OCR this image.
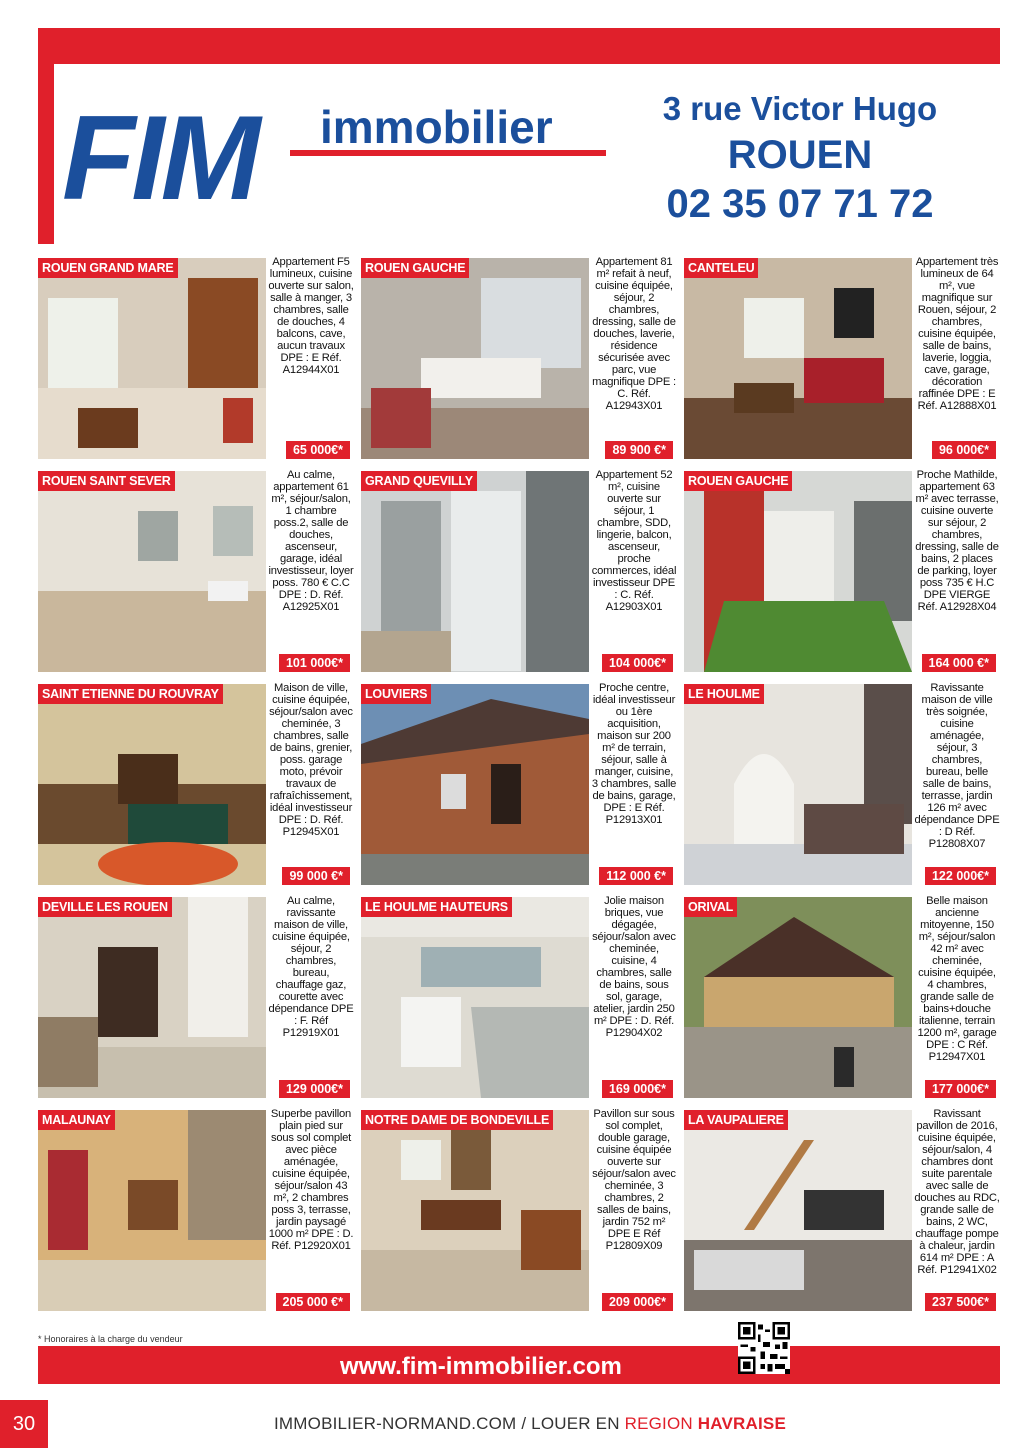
FIM immobilier	3 rue Victor Hugo
ROUEN
02 35 07 71 72
ROUEN GRAND MARE	Appartement F5 lumineux, cuisine ouverte sur salon, salle à manger, 3 chambres, salle de douches, 4 balcons, cave, aucun travaux DPE : E Réf. A12944X01
65 000€*
ROUEN GAUCHE	Appartement 81 m² refait à neuf, cuisine équipée, séjour, 2 chambres, dressing, salle de douches, laverie, résidence sécurisée avec parc, vue magnifique DPE : C. Réf. A12943X01
89 900 €*
CANTELEU	Appartement très lumineux de 64 m², vue magnifique sur Rouen, séjour, 2 chambres, cuisine équipée, salle de bains, laverie, loggia, cave, garage, décoration raffinée DPE : E Réf. A12888X01
96 000€*
ROUEN SAINT SEVER	Au calme, appartement 61 m², séjour/salon, 1 chambre poss.2, salle de douches, ascenseur, garage, idéal investisseur, loyer poss. 780 € C.C DPE : D. Réf. A12925X01
101 000€*
GRAND QUEVILLY	Appartement 52 m², cuisine ouverte sur séjour, 1 chambre, SDD, lingerie, balcon, ascenseur, proche commerces, idéal investisseur DPE : C. Réf. A12903X01
104 000€*
ROUEN GAUCHE	Proche Mathilde, appartement 63 m² avec terrasse, cuisine ouverte sur séjour, 2 chambres, dressing, salle de bains, 2 places de parking, loyer poss 735 € H.C DPE VIERGE Réf. A12928X04
164 000 €*
SAINT ETIENNE DU ROUVRAY	Maison de ville, cuisine équipée, séjour/salon avec cheminée, 3 chambres, salle de bains, grenier, poss. garage moto, prévoir travaux de rafraîchissement, idéal investisseur DPE : D. Réf. P12945X01
99 000 €*
LOUVIERS	Proche centre, idéal investisseur ou 1ère acquisition, maison sur 200 m² de terrain, séjour, salle à manger, cuisine, 3 chambres, salle de bains, garage, DPE : E Réf. P12913X01
112 000 €*
LE HOULME	Ravissante maison de ville très soignée, cuisine aménagée, séjour, 3 chambres, bureau, belle salle de bains, terrasse, jardin 126 m² avec dépendance DPE : D Réf. P12808X07
122 000€*
DEVILLE LES ROUEN	Au calme, ravissante maison de ville, cuisine équipée, séjour, 2 chambres, bureau, chauffage gaz, courette avec dépendance DPE : F. Réf P12919X01
129 000€*
LE HOULME HAUTEURS	Jolie maison briques, vue dégagée, séjour/salon avec cheminée, cuisine, 4 chambres, salle de bains, sous sol, garage, atelier, jardin 250 m² DPE : D. Réf. P12904X02
169 000€*
ORIVAL	Belle maison ancienne mitoyenne, 150 m², séjour/salon 42 m² avec cheminée, cuisine équipée, 4 chambres, grande salle de bains+douche italienne, terrain 1200 m², garage DPE : C Réf. P12947X01
177 000€*
MALAUNAY	Superbe pavillon plain pied sur sous sol complet avec pièce aménagée, cuisine équipée, séjour/salon 43 m², 2 chambres poss 3, terrasse, jardin paysagé 1000 m² DPE : D. Réf. P12920X01
205 000 €*
NOTRE DAME DE BONDEVILLE	Pavillon sur sous sol complet, double garage, cuisine équipée ouverte sur séjour/salon avec cheminée, 3 chambres, 2 salles de bains, jardin 752 m² DPE E Réf P12809X09
209 000€*
LA VAUPALIERE	Ravissant pavillon de 2016, cuisine équipée, séjour/salon, 4 chambres dont suite parentale avec salle de douches au RDC, grande salle de bains, 2 WC, chauffage pompe à chaleur, jardin 614 m² DPE : A Réf. P12941X02
237 500€*
* Honoraires à la charge du vendeur
www.fim-immobilier.com
30	IMMOBILIER-NORMAND.COM / LOUER EN REGION HAVRAISE
